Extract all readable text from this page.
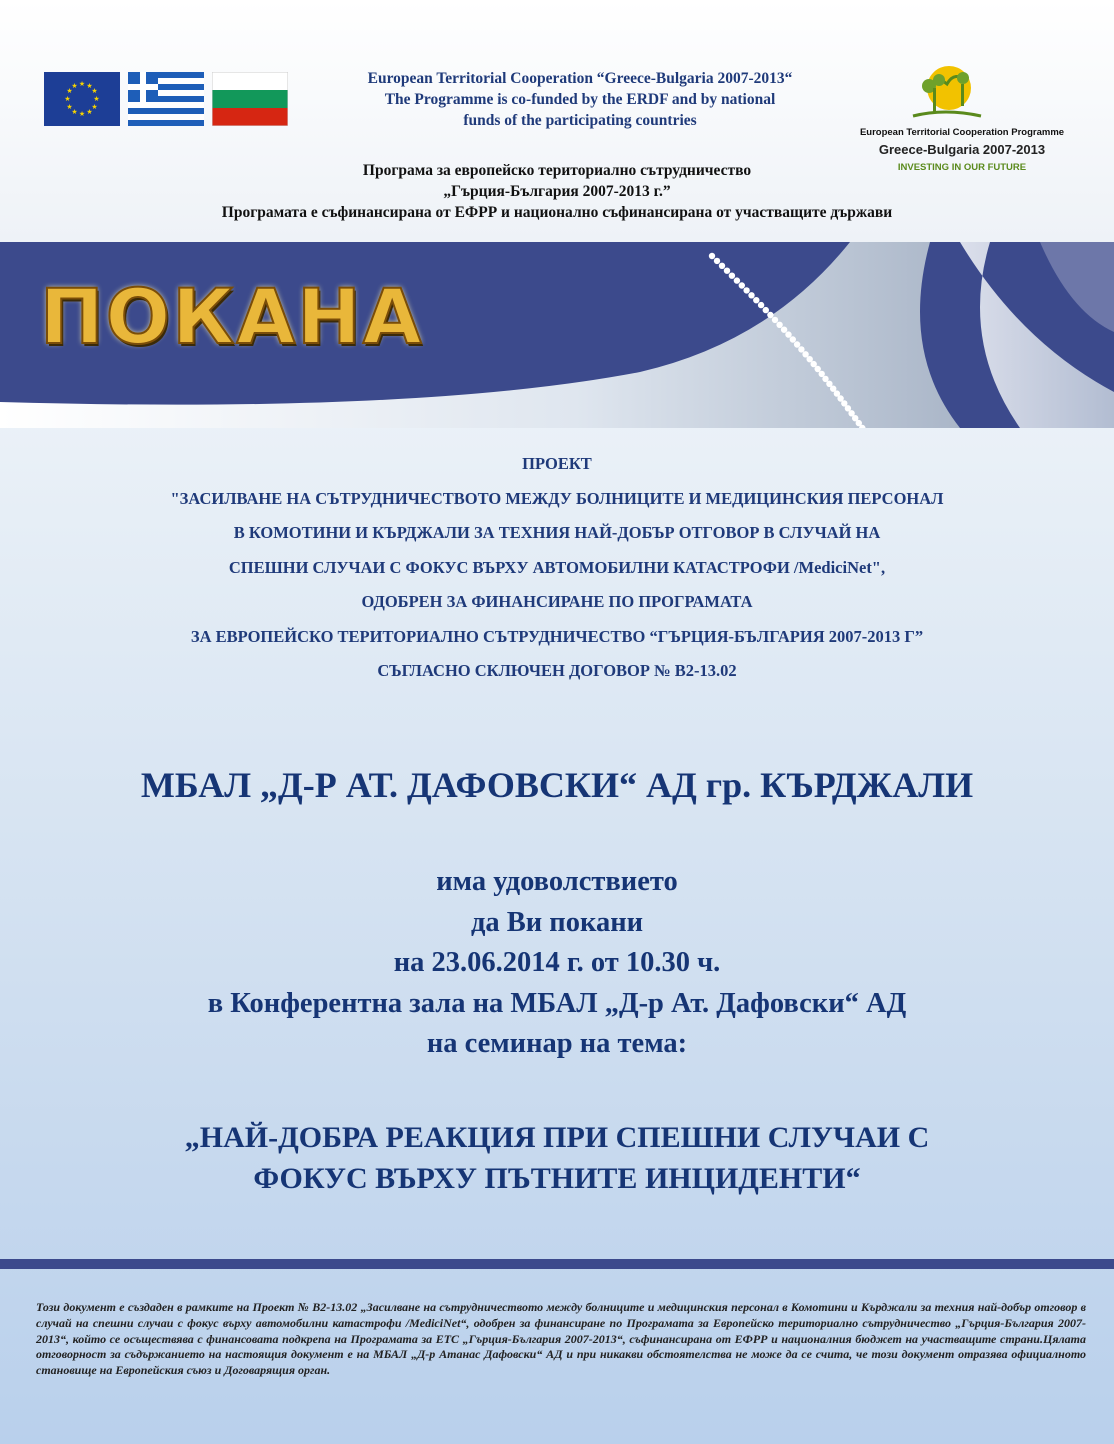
★ ★
★
★
★
★
★
★
★
★
★
★	European Territorial Cooperation “Greece-Bulgaria 2007-2013“
The Programme is co-funded by the ERDF and by national
funds of the participating countries
European Territorial Cooperation Programme
Greece-Bulgaria 2007-2013
INVESTING IN OUR FUTURE
Програма за европейско териториално сътрудничество
„Гърция-България 2007-2013 г.”
Програмата е съфинансирана от ЕФРР и национално съфинансирана от участващите държави
ПОКАНА
ПРОЕКТ
"ЗАСИЛВАНЕ НА СЪТРУДНИЧЕСТВОТО МЕЖДУ БОЛНИЦИТЕ И МЕДИЦИНСКИЯ ПЕРСОНАЛ
В КОМОТИНИ И КЪРДЖАЛИ ЗА ТЕХНИЯ НАЙ-ДОБЪР ОТГОВОР В СЛУЧАЙ НА
СПЕШНИ СЛУЧАИ С ФОКУС ВЪРХУ АВТОМОБИЛНИ КАТАСТРОФИ /MediciNet",
ОДОБРЕН ЗА ФИНАНСИРАНЕ ПО ПРОГРАМАТА
ЗА ЕВРОПЕЙСКО ТЕРИТОРИАЛНО СЪТРУДНИЧЕСТВО “ГЪРЦИЯ-БЪЛГАРИЯ 2007-2013 Г”
СЪГЛАСНО СКЛЮЧЕН ДОГОВОР № B2-13.02
МБАЛ „Д-Р АТ. ДАФОВСКИ“ АД гр. КЪРДЖАЛИ
има удоволствието
да Ви покани
на 23.06.2014 г. от 10.30 ч.
в Конферентна зала на МБАЛ „Д-р Ат. Дафовски“ АД
на семинар на тема:
„НАЙ-ДОБРА РЕАКЦИЯ ПРИ СПЕШНИ СЛУЧАИ С
ФОКУС ВЪРХУ ПЪТНИТЕ ИНЦИДЕНТИ“
Този документ е създаден в рамките на Проект № B2-13.02 „Засилване на сътрудничеството между болниците и медицинския персонал в Комотини и Кърджали за техния най-добър отговор в случай на спешни случаи с фокус върху автомобилни катастрофи /MediciNet“, одобрен за финансиране по Програмата за Европейско териториално сътрудничество „Гърция-България 2007-2013“, който се осъществява с финансовата подкрепа на Програмата за ЕТС „Гърция-България 2007-2013“, съфинансирана от ЕФРР и националния бюджет на участващите страни.Цялата отговорност за съдържанието на настоящия документ е на МБАЛ „Д-р Атанас Дафовски“ АД и при никакви обстоятелства не може да се счита, че този документ отразява официалното становище на Европейския съюз и Договарящия орган.
